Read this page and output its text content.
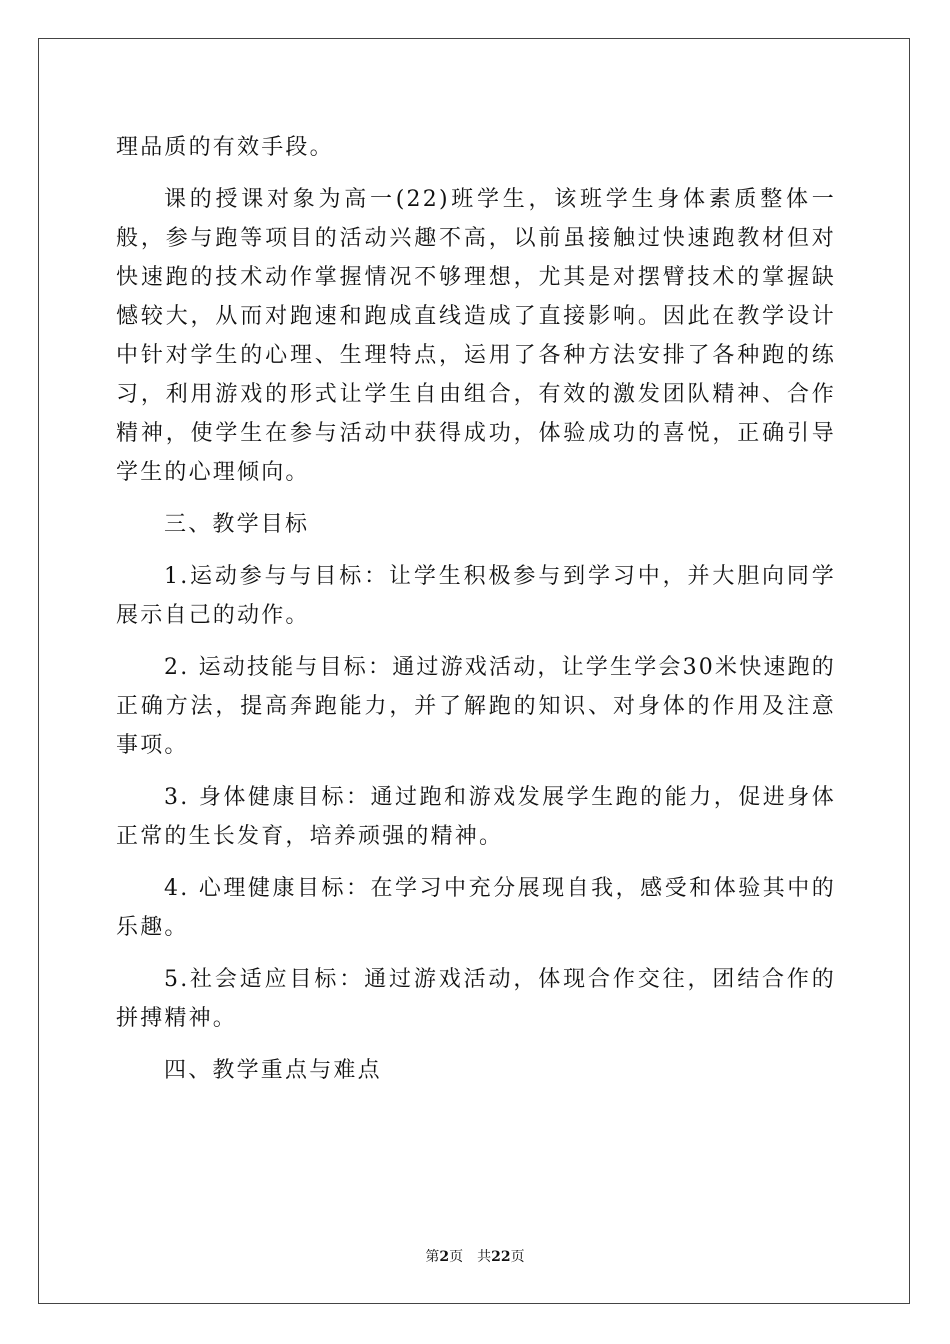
理品质的有效手段。

课的授课对象为高一(22)班学生，该班学生身体素质整体一般，参与跑等项目的活动兴趣不高，以前虽接触过快速跑教材但对快速跑的技术动作掌握情况不够理想，尤其是对摆臂技术的掌握缺憾较大，从而对跑速和跑成直线造成了直接影响。因此在教学设计中针对学生的心理、生理特点，运用了各种方法安排了各种跑的练习，利用游戏的形式让学生自由组合，有效的激发团队精神、合作精神，使学生在参与活动中获得成功，体验成功的喜悦，正确引导学生的心理倾向。

三、教学目标

1.运动参与与目标：让学生积极参与到学习中，并大胆向同学展示自己的动作。

2. 运动技能与目标：通过游戏活动，让学生学会30米快速跑的正确方法，提高奔跑能力，并了解跑的知识、对身体的作用及注意事项。

3. 身体健康目标：通过跑和游戏发展学生跑的能力，促进身体正常的生长发育，培养顽强的精神。

4. 心理健康目标：在学习中充分展现自我，感受和体验其中的乐趣。

5.社会适应目标：通过游戏活动，体现合作交往，团结合作的拼搏精神。

四、教学重点与难点

第2页 共22页
